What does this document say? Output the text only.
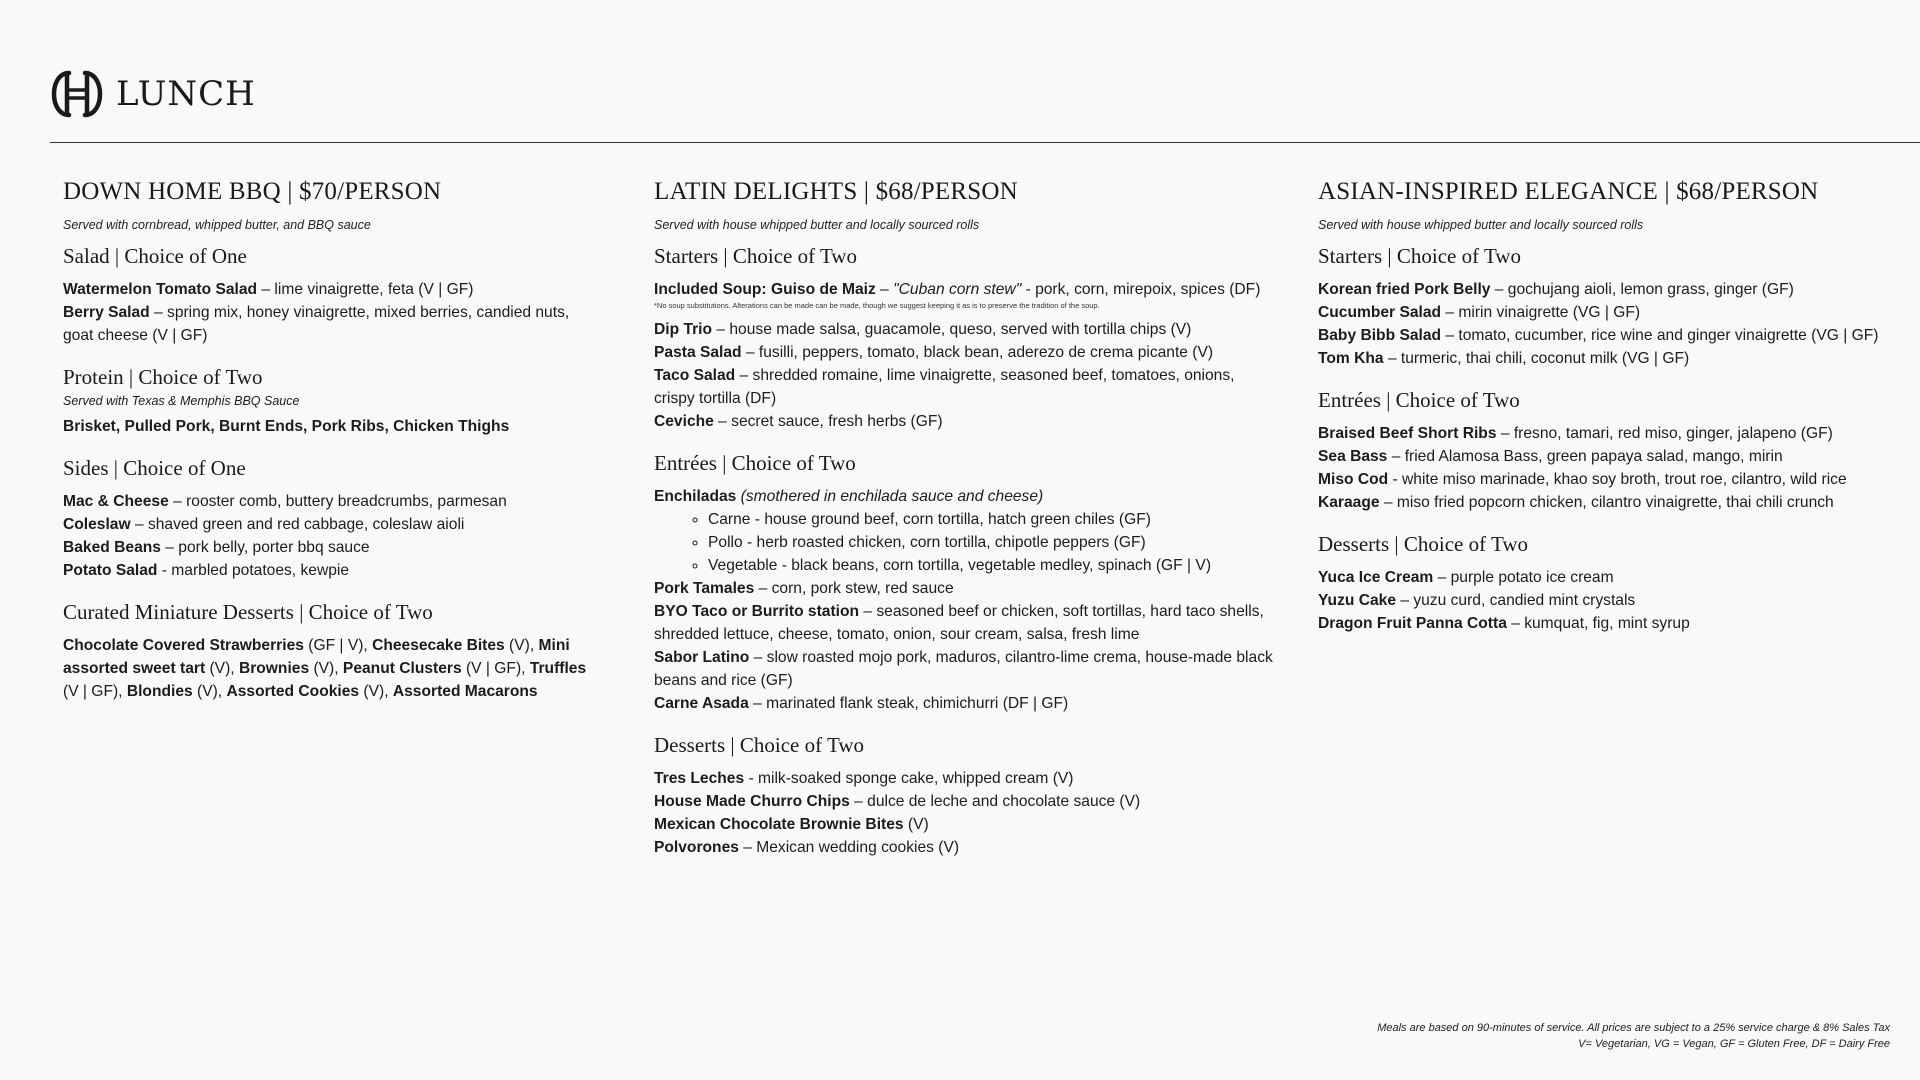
LUNCH
DOWN HOME BBQ | $70/PERSON
Served with cornbread, whipped butter, and BBQ sauce
Salad | Choice of One
Watermelon Tomato Salad – lime vinaigrette, feta (V | GF)
Berry Salad – spring mix, honey vinaigrette, mixed berries, candied nuts, goat cheese (V | GF)
Protein | Choice of Two
Served with Texas & Memphis BBQ Sauce
Brisket, Pulled Pork, Burnt Ends, Pork Ribs, Chicken Thighs
Sides | Choice of One
Mac & Cheese – rooster comb, buttery breadcrumbs, parmesan
Coleslaw – shaved green and red cabbage, coleslaw aioli
Baked Beans – pork belly, porter bbq sauce
Potato Salad - marbled potatoes, kewpie
Curated Miniature Desserts | Choice of Two
Chocolate Covered Strawberries (GF | V), Cheesecake Bites (V), Mini assorted sweet tart (V), Brownies (V), Peanut Clusters (V | GF), Truffles (V | GF), Blondies (V), Assorted Cookies (V), Assorted Macarons
LATIN DELIGHTS | $68/PERSON
Served with house whipped butter and locally sourced rolls
Starters | Choice of Two
Included Soup: Guiso de Maiz – "Cuban corn stew" - pork, corn, mirepoix, spices (DF)
*No soup substitutions. Alterations can be made can be made, though we suggest keeping it as is to preserve the tradition of the soup.
Dip Trio – house made salsa, guacamole, queso, served with tortilla chips (V)
Pasta Salad – fusilli, peppers, tomato, black bean, aderezo de crema picante (V)
Taco Salad – shredded romaine, lime vinaigrette, seasoned beef, tomatoes, onions, crispy tortilla (DF)
Ceviche – secret sauce, fresh herbs (GF)
Entrées | Choice of Two
Enchiladas (smothered in enchilada sauce and cheese)
◦ Carne - house ground beef, corn tortilla, hatch green chiles (GF)
◦ Pollo - herb roasted chicken, corn tortilla, chipotle peppers (GF)
◦ Vegetable - black beans, corn tortilla, vegetable medley, spinach (GF | V)
Pork Tamales – corn, pork stew, red sauce
BYO Taco or Burrito station – seasoned beef or chicken, soft tortillas, hard taco shells, shredded lettuce, cheese, tomato, onion, sour cream, salsa, fresh lime
Sabor Latino – slow roasted mojo pork, maduros, cilantro-lime crema, house-made black beans and rice (GF)
Carne Asada – marinated flank steak, chimichurri (DF | GF)
Desserts | Choice of Two
Tres Leches - milk-soaked sponge cake, whipped cream (V)
House Made Churro Chips – dulce de leche and chocolate sauce (V)
Mexican Chocolate Brownie Bites (V)
Polvorones – Mexican wedding cookies (V)
ASIAN-INSPIRED ELEGANCE | $68/PERSON
Served with house whipped butter and locally sourced rolls
Starters | Choice of Two
Korean fried Pork Belly – gochujang aioli, lemon grass, ginger (GF)
Cucumber Salad – mirin vinaigrette (VG | GF)
Baby Bibb Salad – tomato, cucumber, rice wine and ginger vinaigrette (VG | GF)
Tom Kha – turmeric, thai chili, coconut milk (VG | GF)
Entrées | Choice of Two
Braised Beef Short Ribs – fresno, tamari, red miso, ginger, jalapeno (GF)
Sea Bass – fried Alamosa Bass, green papaya salad, mango, mirin
Miso Cod - white miso marinade, khao soy broth, trout roe, cilantro, wild rice
Karaage – miso fried popcorn chicken, cilantro vinaigrette, thai chili crunch
Desserts | Choice of Two
Yuca Ice Cream – purple potato ice cream
Yuzu Cake – yuzu curd, candied mint crystals
Dragon Fruit Panna Cotta – kumquat, fig, mint syrup
Meals are based on 90-minutes of service. All prices are subject to a 25% service charge & 8% Sales Tax
V= Vegetarian, VG = Vegan, GF = Gluten Free, DF = Dairy Free
